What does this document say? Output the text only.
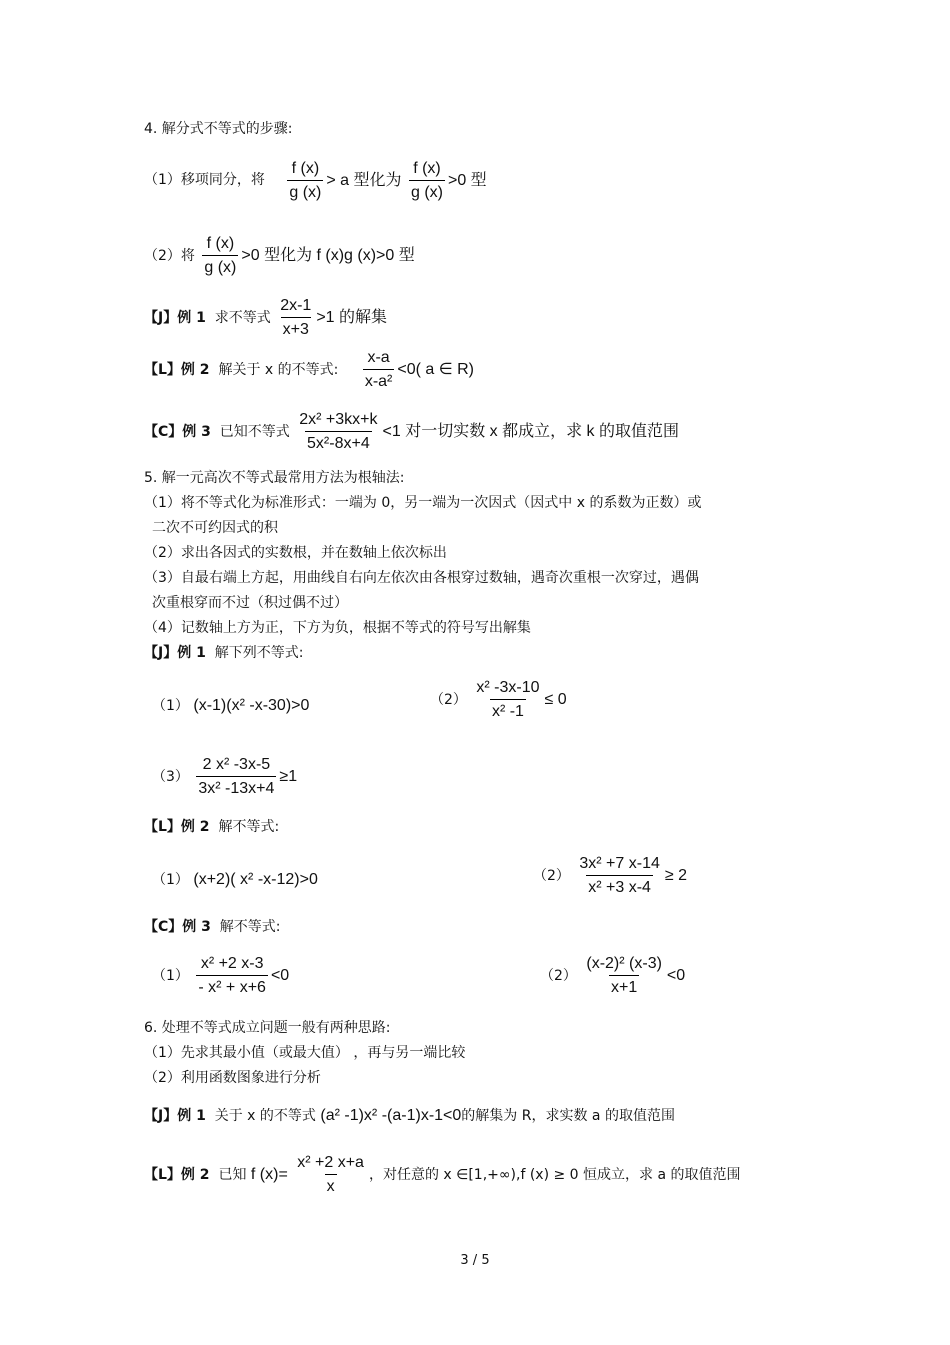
4. 解分式不等式的步骤:
（1）移项同分，将 $\frac{f (x)}{g (x)} > a$ 型化为 $\frac{f (x)}{g (x)} >0$ 型
（2）将 $\frac{f (x)}{g (x)} >0$ 型化为 f (x)g (x)>0 型
【J】例 1 求不等式 $\frac{2x-1}{x+3} >1$ 的解集
【L】例 2 解关于 x 的不等式: $\frac{x-a}{\text{x-a²}} <0$( a ∈ R)
【C】例 3 已知不等式 $\frac{\text{2x² +3kx+k}}{\text{5x²-8x+4}} <1$ 对一切实数 x 都成立，求 k 的取值范围
5. 解一元高次不等式最常用方法为根轴法:
（1）将不等式化为标准形式：一端为 0，另一端为一次因式（因式中 x 的系数为正数）或
二次不可约因式的积
（2）求出各因式的实数根，并在数轴上依次标出
（3）自最右端上方起，用曲线自右向左依次由各根穿过数轴，遇奇次重根一次穿过，遇偶
次重根穿而不过（积过偶不过）
（4）记数轴上方为正，下方为负，根据不等式的符号写出解集
【J】例 1 解下列不等式:
（1） (x-1)(x² -x-30)>0	$(2) \frac{\text{x² -3x-10}}{\text{x² -1}} \le 0$
$(3) \frac{\text{2 x² -3x-5}}{\text{3x² -13x+4}} \ge 1$
【L】例 2 解不等式:
（1） (x+2)( x² -x-12)>0	$(2) \frac{\text{3x² +7 x-14}}{\text{x² +3 x-4}} \ge 2$
【C】例 3 解不等式:
$(1) \frac{\text{x² +2 x-3}}{\text{- x² + x+6}} <0$	$(2) \frac{\text{(x-2)² (x-3)}}{x+1} <0$
6. 处理不等式成立问题一般有两种思路:
（1）先求其最小值（或最大值） ，再与另一端比较
（2）利用函数图象进行分析
【J】例 1 关于 x 的不等式 (a² -1)x² -(a-1)x-1<0的解集为 R，求实数 a 的取值范围
【L】例 2 已知 f $(x)= \frac{\text{x² +2 x+a}}{x}$ ，对任意的 x ∈[1,+∞),f (x) ≥ 0 恒成立，求 a 的取值范围
3 / 5
